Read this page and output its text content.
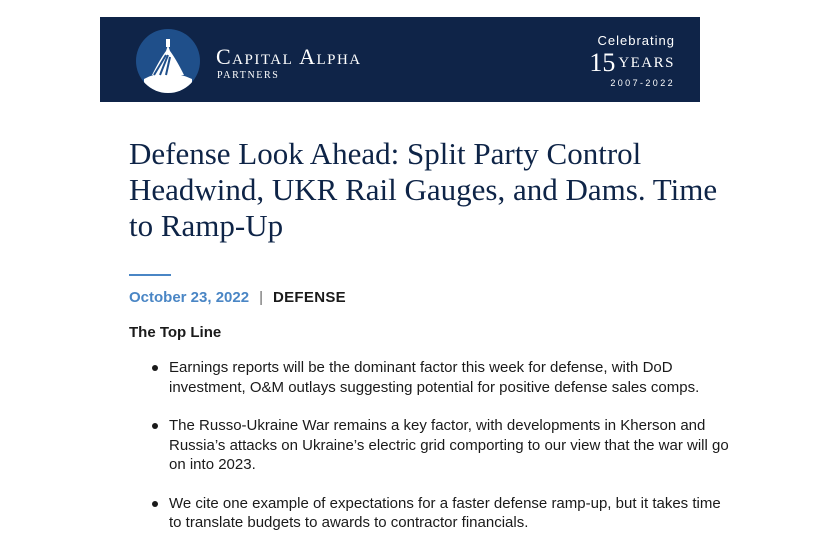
Capital Alpha
PARTNERS
Celebrating
15 YEARS
2007-2022
Defense Look Ahead: Split Party Control Headwind, UKR Rail Gauges, and Dams. Time to Ramp-Up
October 23, 2022 | DEFENSE
The Top Line
Earnings reports will be the dominant factor this week for defense, with DoD investment, O&M outlays suggesting potential for positive defense sales comps.
The Russo-Ukraine War remains a key factor, with developments in Kherson and Russia’s attacks on Ukraine’s electric grid comporting to our view that the war will go on into 2023.
We cite one example of expectations for a faster defense ramp-up, but it takes time to translate budgets to awards to contractor financials.
